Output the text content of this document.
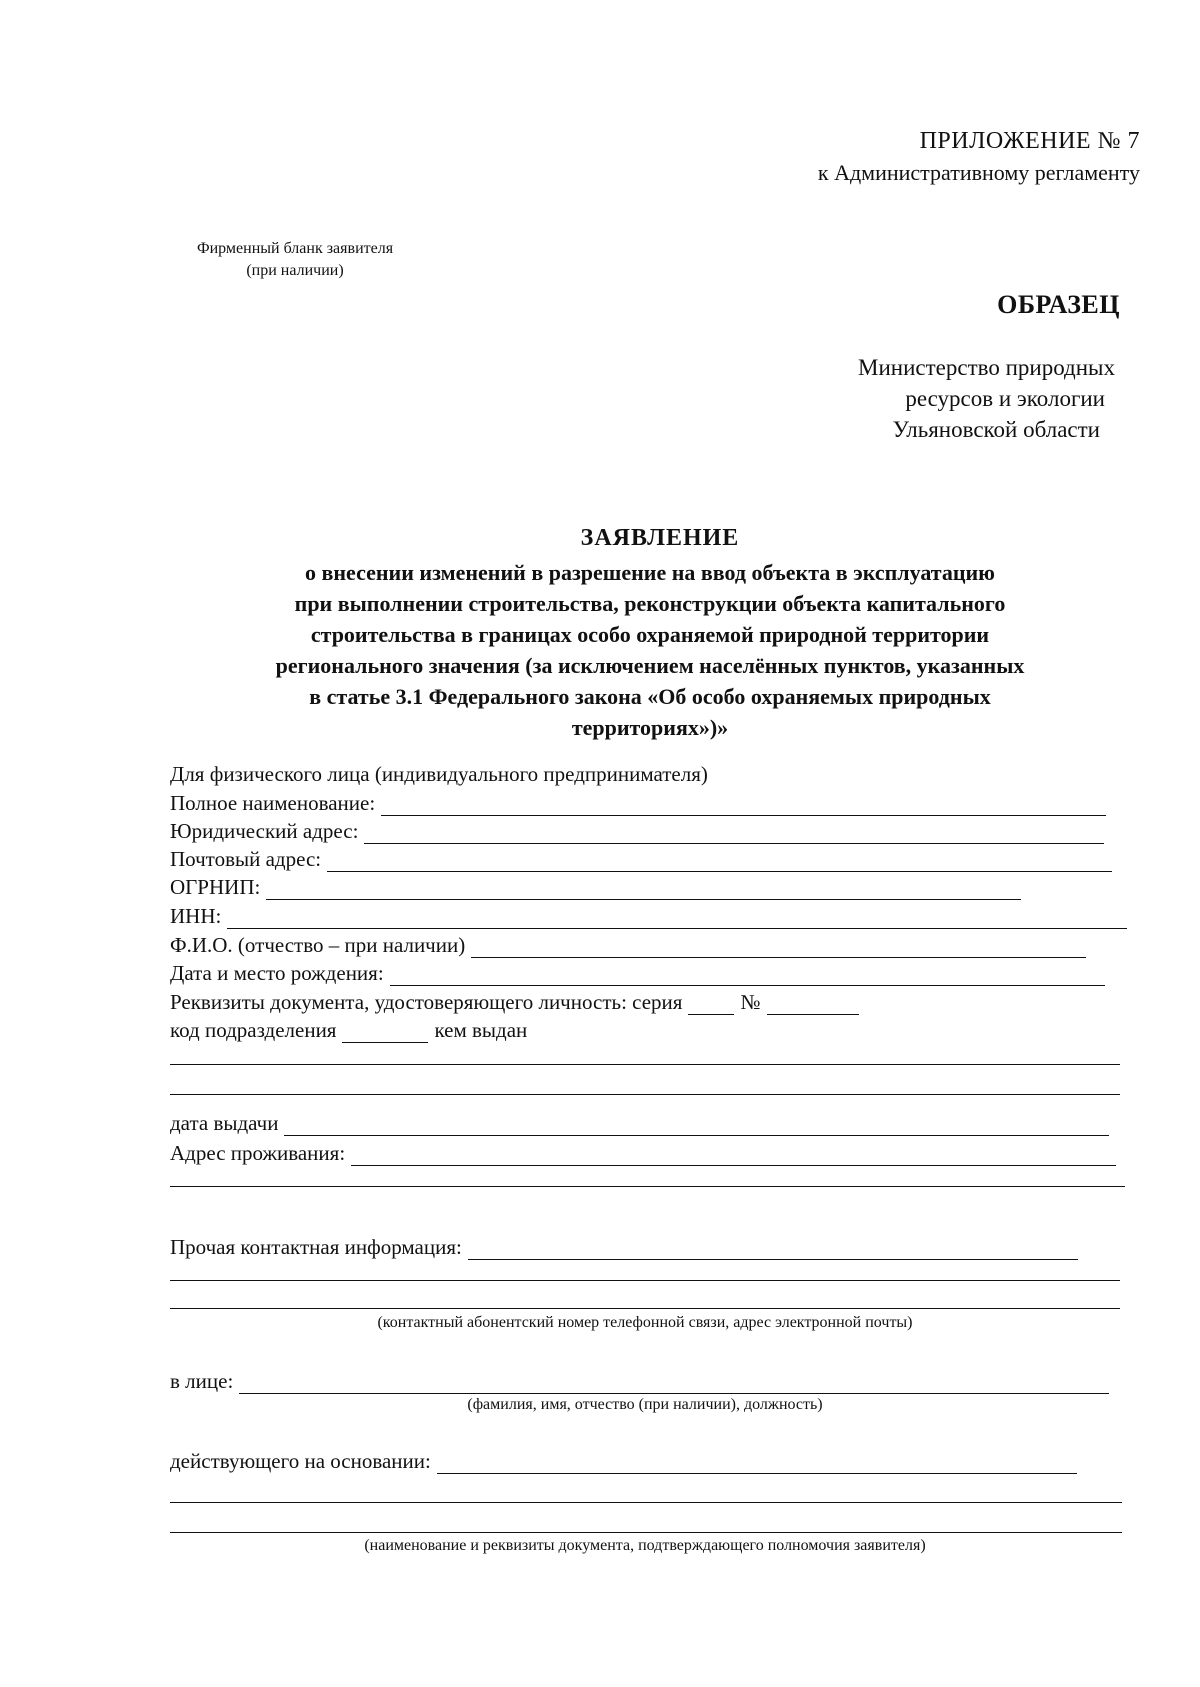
ПРИЛОЖЕНИЕ № 7
к Административному регламенту
Фирменный бланк заявителя
(при наличии)
ОБРАЗЕЦ
Министерство природных
ресурсов и экологии
Ульяновской области
ЗАЯВЛЕНИЕ
о внесении изменений в разрешение на ввод объекта в эксплуатацию
при выполнении строительства, реконструкции объекта капитального
строительства в границах особо охраняемой природной территории
регионального значения (за исключением населённых пунктов, указанных
в статье 3.1 Федерального закона «Об особо охраняемых природных
территориях»)»
Для физического лица (индивидуального предпринимателя)
Полное наименование:
Юридический адрес:
Почтовый адрес:
ОГРНИП:
ИНН:
Ф.И.О. (отчество – при наличии)
Дата и место рождения:
Реквизиты документа, удостоверяющего личность: серия	№
код подразделения	кем выдан
дата выдачи
Адрес проживания:
Прочая контактная информация:
(контактный абонентский номер телефонной связи, адрес электронной почты)
в лице:
(фамилия, имя, отчество (при наличии), должность)
действующего на основании:
(наименование и реквизиты документа, подтверждающего полномочия заявителя)
